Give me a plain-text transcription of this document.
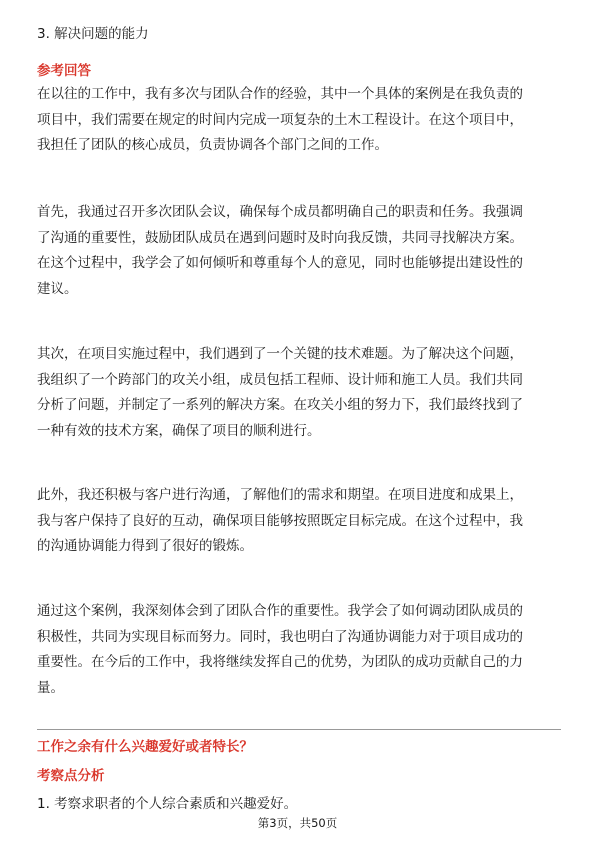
3. 解决问题的能力
参考回答
在以往的工作中，我有多次与团队合作的经验，其中一个具体的案例是在我负责的
项目中，我们需要在规定的时间内完成一项复杂的土木工程设计。在这个项目中，
我担任了团队的核心成员，负责协调各个部门之间的工作。
首先，我通过召开多次团队会议，确保每个成员都明确自己的职责和任务。我强调
了沟通的重要性，鼓励团队成员在遇到问题时及时向我反馈，共同寻找解决方案。
在这个过程中，我学会了如何倾听和尊重每个人的意见，同时也能够提出建设性的
建议。
其次，在项目实施过程中，我们遇到了一个关键的技术难题。为了解决这个问题，
我组织了一个跨部门的攻关小组，成员包括工程师、设计师和施工人员。我们共同
分析了问题，并制定了一系列的解决方案。在攻关小组的努力下，我们最终找到了
一种有效的技术方案，确保了项目的顺利进行。
此外，我还积极与客户进行沟通，了解他们的需求和期望。在项目进度和成果上，
我与客户保持了良好的互动，确保项目能够按照既定目标完成。在这个过程中，我
的沟通协调能力得到了很好的锻炼。
通过这个案例，我深刻体会到了团队合作的重要性。我学会了如何调动团队成员的
积极性，共同为实现目标而努力。同时，我也明白了沟通协调能力对于项目成功的
重要性。在今后的工作中，我将继续发挥自己的优势，为团队的成功贡献自己的力
量。
工作之余有什么兴趣爱好或者特长？
考察点分析
1. 考察求职者的个人综合素质和兴趣爱好。
第3页，共50页
